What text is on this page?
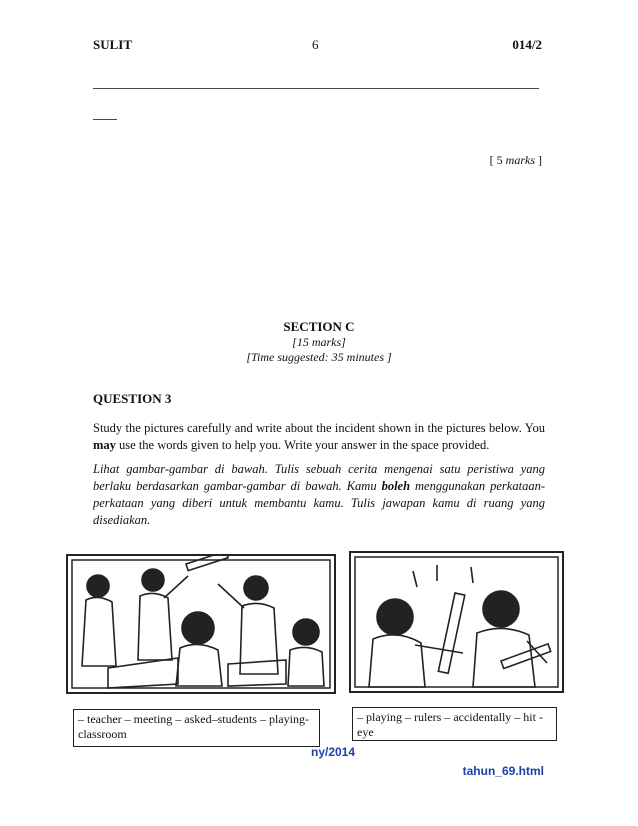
SULIT	6	014/2
[ 5 marks ]
SECTION C
[15 marks]
[Time suggested: 35 minutes ]
QUESTION 3
Study the pictures carefully and write about the incident shown in the pictures below. You may use the words given to help you. Write your answer in the space provided.
Lihat gambar-gambar di bawah. Tulis sebuah cerita mengenai satu peristiwa yang berlaku berdasarkan gambar-gambar di bawah. Kamu boleh menggunakan perkataan-perkataan yang diberi untuk membantu kamu. Tulis jawapan kamu di ruang yang disediakan.
– teacher – meeting – asked–students – playing- classroom
– playing – rulers – accidentally – hit - eye
ny/2014
tahun_69.html
